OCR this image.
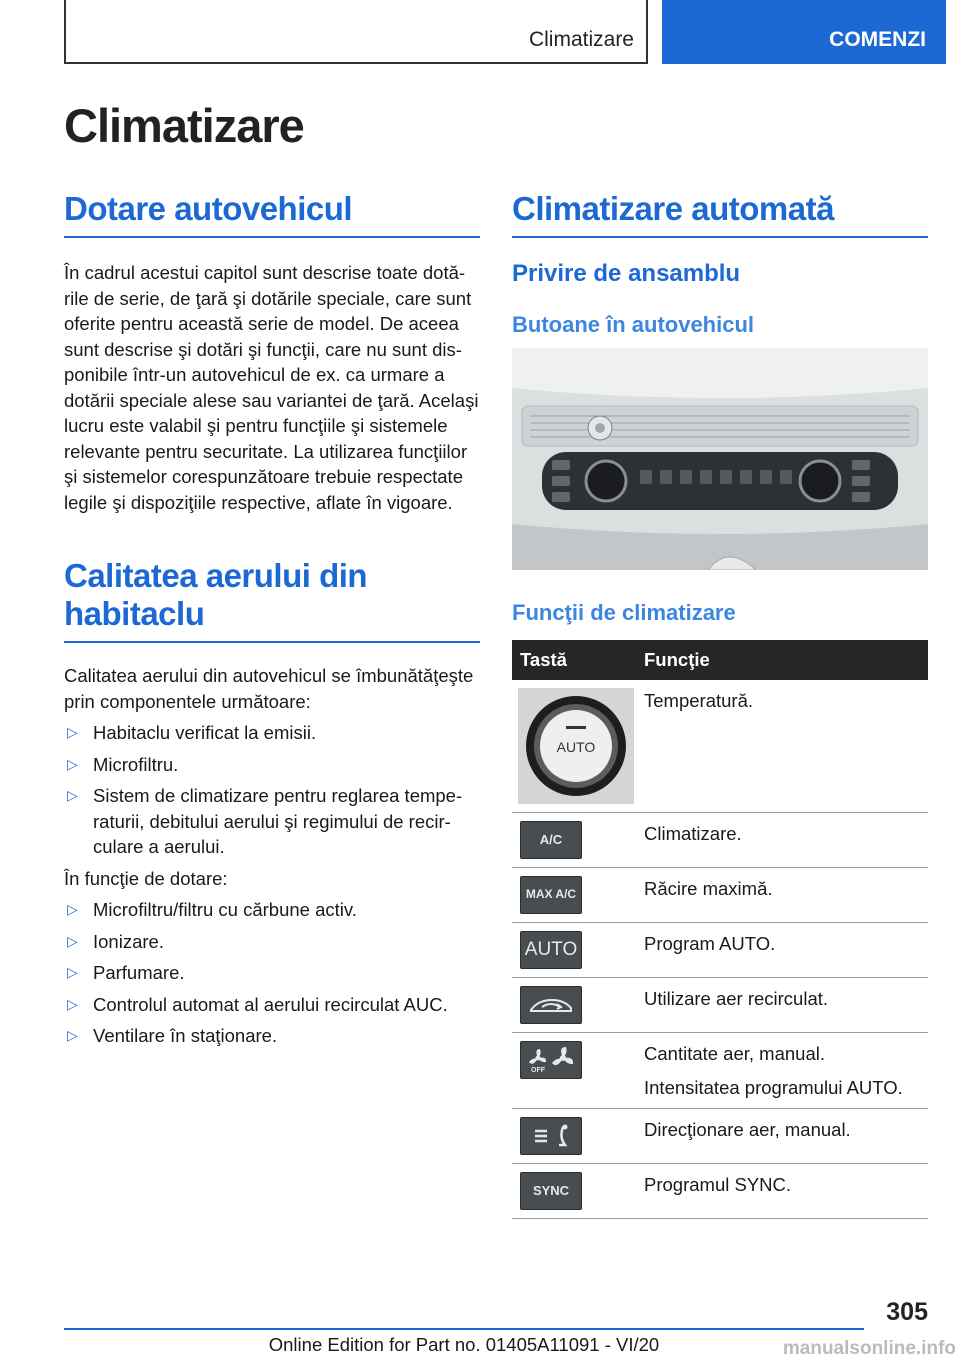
Climatizare	COMENZI
Climatizare
Dotare autovehicul

În cadrul acestui capitol sunt descrise toate dotările de serie, de ţară şi dotările speciale, care sunt oferite pentru această serie de model. De aceea sunt descrise şi dotări şi funcţii, care nu sunt disponibile într-un autovehicul de ex. ca urmare a dotării speciale alese sau variantei de ţară. Acelaşi lucru este valabil şi pentru funcţiile şi sistemele relevante pentru securitate. La utilizarea funcţiilor şi sistemelor corespunzătoare trebuie respectate legile şi dispoziţiile respective, aflate în vigoare.

Calitatea aerului din habitaclu

Calitatea aerului din autovehicul se îmbunătăţeşte prin componentele următoare:

▷ Habitaclu verificat la emisii.
▷ Microfiltru.
▷ Sistem de climatizare pentru reglarea temperaturii, debitului aerului şi regimului de recirculare a aerului.

În funcţie de dotare:

▷ Microfiltru/filtru cu cărbune activ.
▷ Ionizare.
▷ Parfumare.
▷ Controlul automat al aerului recirculat AUC.
▷ Ventilare în staţionare.
Climatizare automată
Privire de ansamblu
Butoane în autovehicul
Funcţii de climatizare
Tastă	Funcţie

AUTO	Temperatură.

A/C	Climatizare.

MAX A/C	Răcire maximă.

AUTO	Program AUTO.

Utilizare aer recirculat.

OFF	Cantitate aer, manual.

Intensitatea programului AUTO.

Direcţionare aer, manual.

SYNC	Programul SYNC.

305
Online Edition for Part no. 01405A11091 - VI/20	manualsonline.info
